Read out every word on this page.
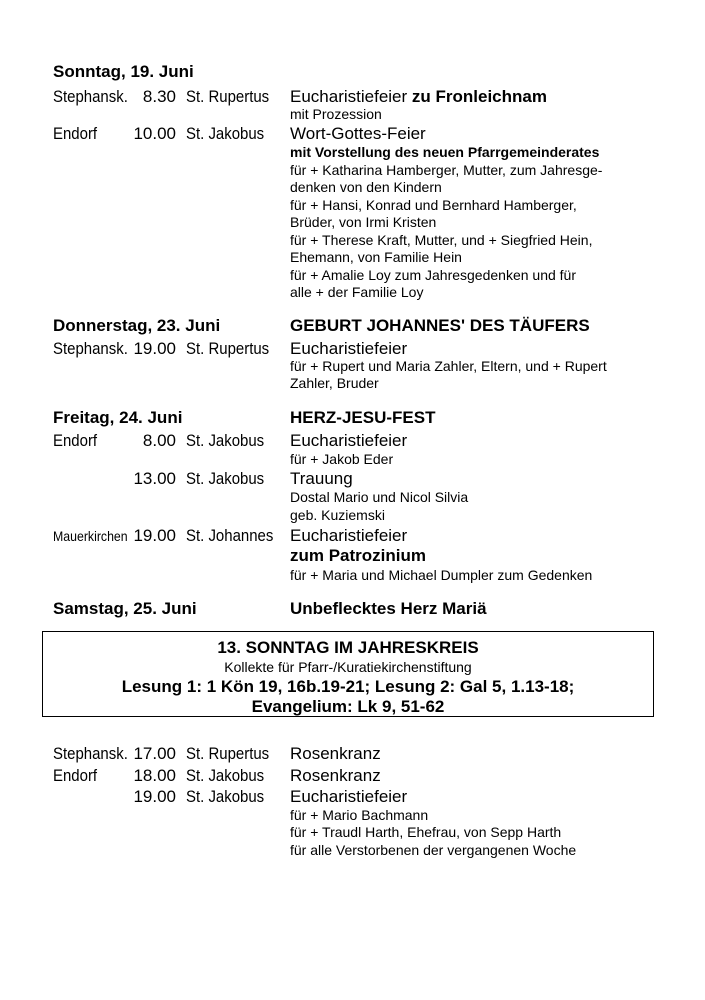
Sonntag, 19. Juni
Stephansk. 8.30 St. Rupertus Eucharistiefeier zu Fronleichnam
mit Prozession
Endorf 10.00 St. Jakobus Wort-Gottes-Feier
mit Vorstellung des neuen Pfarrgemeinderates
für + Katharina Hamberger, Mutter, zum Jahresge-
denken von den Kindern
für + Hansi, Konrad und Bernhard Hamberger,
Brüder, von Irmi Kristen
für + Therese Kraft, Mutter, und + Siegfried Hein,
Ehemann, von Familie Hein
für + Amalie Loy zum Jahresgedenken und für
alle + der Familie Loy
Donnerstag, 23. Juni	GEBURT JOHANNES' DES TÄUFERS
Stephansk. 19.00 St. Rupertus Eucharistiefeier
für + Rupert und Maria Zahler, Eltern, und + Rupert
Zahler, Bruder
Freitag, 24. Juni	HERZ-JESU-FEST
Endorf	8.00 St. Jakobus Eucharistiefeier
für + Jakob Eder
13.00 St. Jakobus Trauung
Dostal Mario und Nicol Silvia
geb. Kuziemski
Mauerkirchen 19.00 St. Johannes Eucharistiefeier
zum Patrozinium
für + Maria und Michael Dumpler zum Gedenken
Samstag, 25. Juni	Unbeflecktes Herz Mariä
13. SONNTAG IM JAHRESKREIS
Kollekte für Pfarr-/Kuratiekirchenstiftung
Lesung 1: 1 Kön 19, 16b.19-21; Lesung 2: Gal 5, 1.13-18;
Evangelium: Lk 9, 51-62
Stephansk. 17.00 St. Rupertus Rosenkranz
Endorf 18.00 St. Jakobus Rosenkranz
19.00 St. Jakobus Eucharistiefeier
für + Mario Bachmann
für + Traudl Harth, Ehefrau, von Sepp Harth
für alle Verstorbenen der vergangenen Woche
